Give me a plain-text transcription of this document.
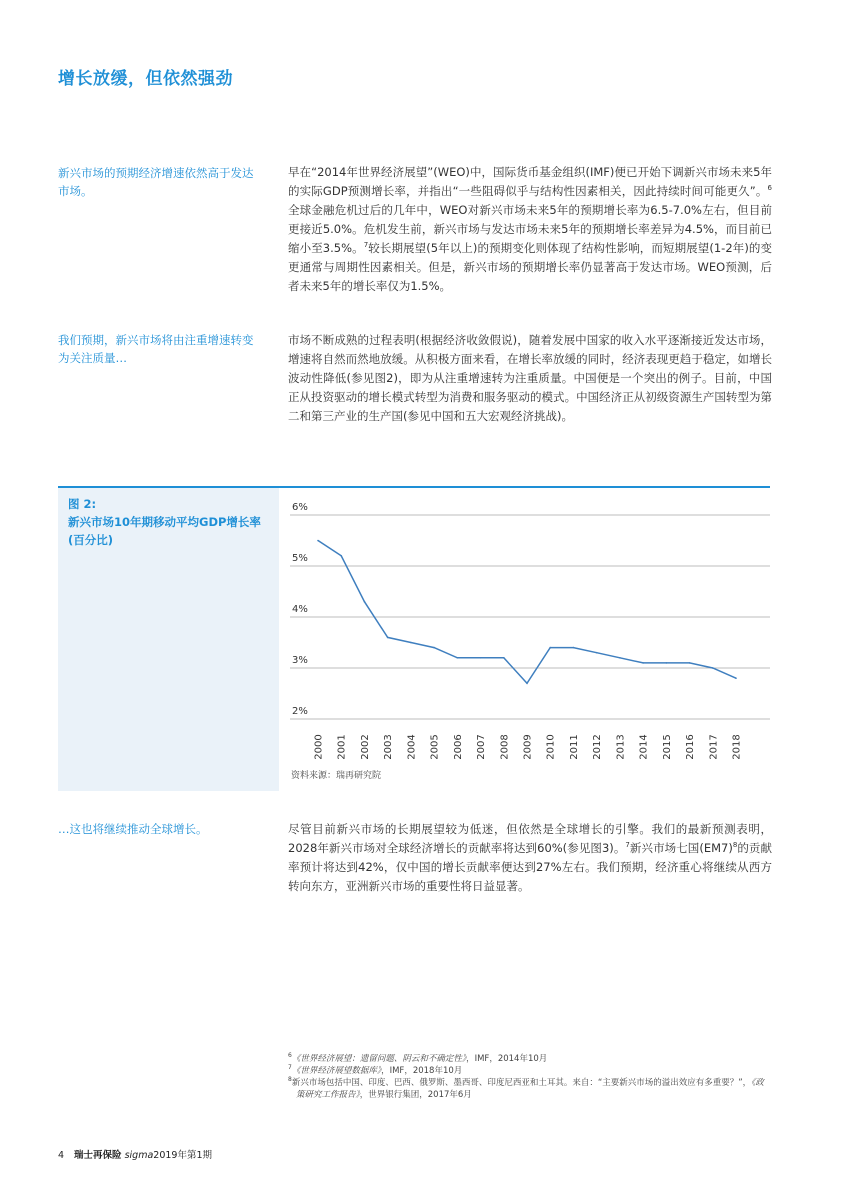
增长放缓，但依然强劲
新兴市场的预期经济增速依然高于发达市场。
早在“2014年世界经济展望”(WEO)中，国际货币基金组织(IMF)便已开始下调新兴市场未来5年的实际GDP预测增长率，并指出“一些阻碍似乎与结构性因素相关，因此持续时间可能更久”。$^6$全球金融危机过后的几年中，WEO对新兴市场未来5年的预期增长率为6.5-7.0%左右，但目前更接近5.0%。危机发生前，新兴市场与发达市场未来5年的预期增长率差异为4.5%，而目前已缩小至3.5%。$^7$较长期展望(5年以上)的预期变化则体现了结构性影响，而短期展望(1-2年)的变更通常与周期性因素相关。但是，新兴市场的预期增长率仍显著高于发达市场。WEO预测，后者未来5年的增长率仅为1.5%。
我们预期，新兴市场将由注重增速转变为关注质量…
市场不断成熟的过程表明(根据经济收敛假说)，随着发展中国家的收入水平逐渐接近发达市场，增速将自然而然地放缓。从积极方面来看，在增长率放缓的同时，经济表现更趋于稳定，如增长波动性降低(参见图2)，即为从注重增速转为注重质量。中国便是一个突出的例子。目前，中国正从投资驱动的增长模式转型为消费和服务驱动的模式。中国经济正从初级资源生产国转型为第二和第三产业的生产国(参见中国和五大宏观经济挑战)。
图 2:
新兴市场10年期移动平均GDP增长率(百分比)
2%
3%
4%
5%
6%
2000 2001 2002 2003 2004 2005 2006 2007 2008 2009 2010 2011 2012 2013 2014 2015 2016 2017 2018
资料来源：瑞再研究院
…这也将继续推动全球增长。	尽管目前新兴市场的长期展望较为低迷，但依然是全球增长的引擎。我们的最新预测表明，2028年新兴市场对全球经济增长的贡献率将达到60%(参见图3)。$^7$新兴市场七国$(EM7)^8$的贡献率预计将达到42%，仅中国的增长贡献率便达到27%左右。我们预期，经济重心将继续从西方转向东方，亚洲新兴市场的重要性将日益显著。

$^6$《世界经济展望：遗留问题、阴云和不确定性》，IMF，2014年10月

$^7$《世界经济展望数据库》，IMF，2018年10月

$^8$新兴市场包括中国、印度、巴西、俄罗斯、墨西哥、印度尼西亚和土耳其。来自：“主要新兴市场的溢出效应有多重要？”，《政策研究工作报告》，世界银行集团，2017年6月

4 瑞士再保险 sigma2019年第1期
